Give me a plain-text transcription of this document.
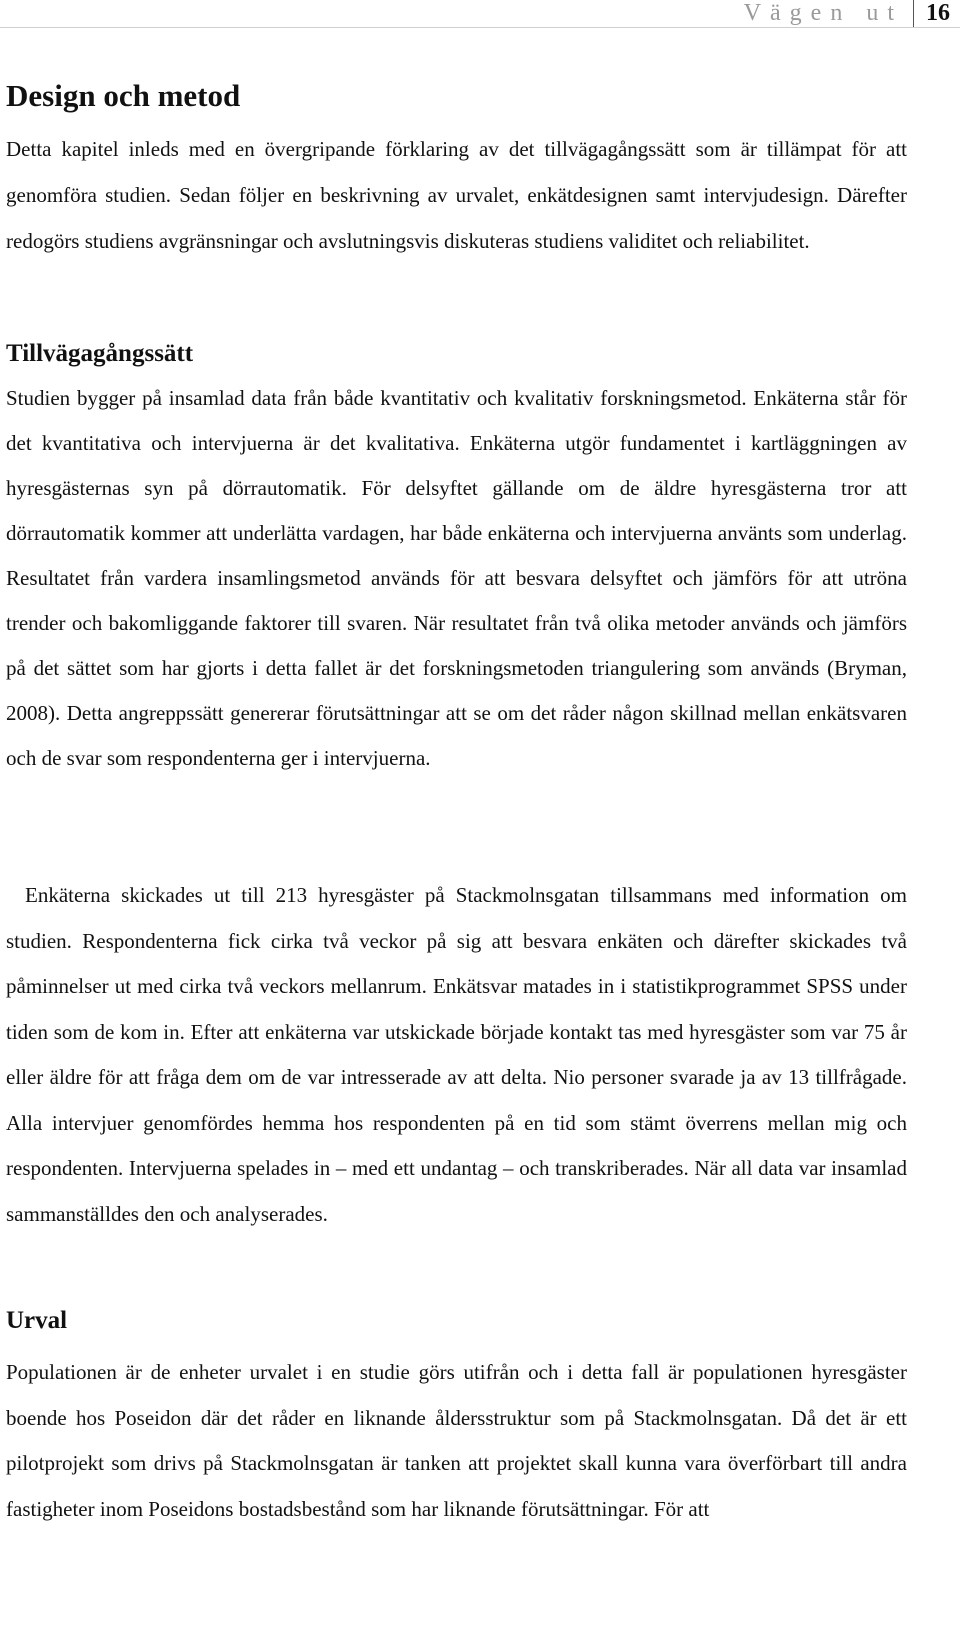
Vägen ut 16
Design och metod

Detta kapitel inleds med en övergripande förklaring av det tillvägagångssätt som är tillämpat för att genomföra studien. Sedan följer en beskrivning av urvalet, enkätdesignen samt intervjudesign. Därefter redogörs studiens avgränsningar och avslutningsvis diskuteras studiens validitet och reliabilitet.

Tillvägagångssätt

Studien bygger på insamlad data från både kvantitativ och kvalitativ forskningsmetod. Enkäterna står för det kvantitativa och intervjuerna är det kvalitativa. Enkäterna utgör fundamentet i kartläggningen av hyresgästernas syn på dörrautomatik. För delsyftet gällande om de äldre hyresgästerna tror att dörrautomatik kommer att underlätta vardagen, har både enkäterna och intervjuerna använts som underlag. Resultatet från vardera insamlingsmetod används för att besvara delsyftet och jämförs för att utröna trender och bakomliggande faktorer till svaren. När resultatet från två olika metoder används och jämförs på det sättet som har gjorts i detta fallet är det forskningsmetoden triangulering som används (Bryman, 2008). Detta angreppssätt genererar förutsättningar att se om det råder någon skillnad mellan enkätsvaren och de svar som respondenterna ger i intervjuerna.

Enkäterna skickades ut till 213 hyresgäster på Stackmolnsgatan tillsammans med information om studien. Respondenterna fick cirka två veckor på sig att besvara enkäten och därefter skickades två påminnelser ut med cirka två veckors mellanrum. Enkätsvar matades in i statistikprogrammet SPSS under tiden som de kom in. Efter att enkäterna var utskickade började kontakt tas med hyresgäster som var 75 år eller äldre för att fråga dem om de var intresserade av att delta. Nio personer svarade ja av 13 tillfrågade. Alla intervjuer genomfördes hemma hos respondenten på en tid som stämt överrens mellan mig och respondenten. Intervjuerna spelades in – med ett undantag – och transkriberades. När all data var insamlad sammanställdes den och analyserades.

Urval

Populationen är de enheter urvalet i en studie görs utifrån och i detta fall är populationen hyresgäster boende hos Poseidon där det råder en liknande åldersstruktur som på Stackmolnsgatan. Då det är ett pilotprojekt som drivs på Stackmolnsgatan är tanken att projektet skall kunna vara överförbart till andra fastigheter inom Poseidons bostadsbestånd som har liknande förutsättningar. För att
